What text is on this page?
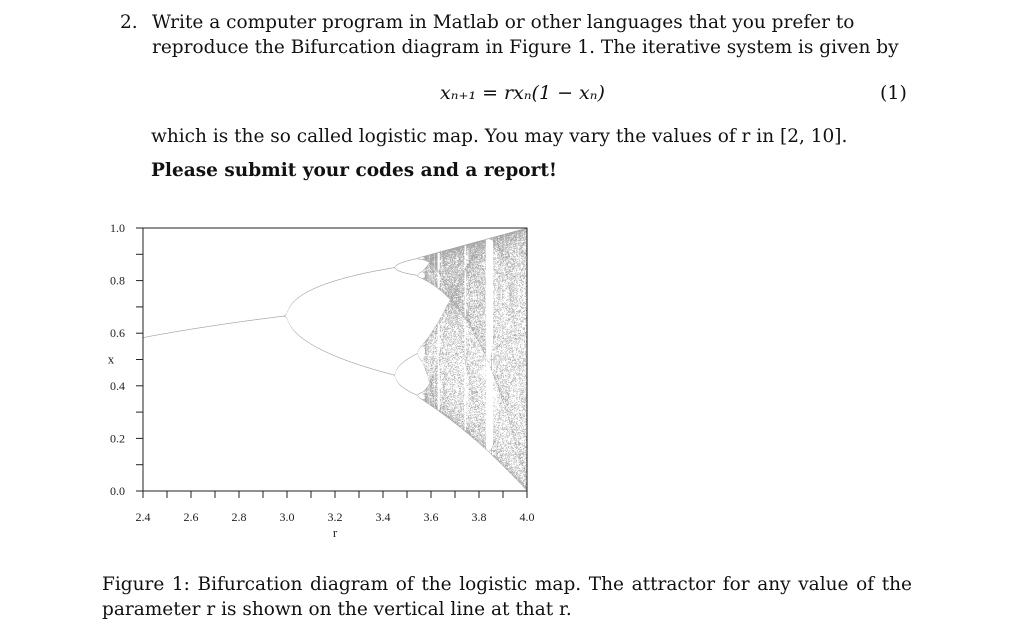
2. Write a computer program in Matlab or other languages that you prefer to reproduce the Bifurcation diagram in Figure 1. The iterative system is given by
xₙ₊₁ = rxₙ(1 − xₙ)	(1)
which is the so called logistic map. You may vary the values of r in [2, 10].
Please submit your codes and a report!
2.4	2.6	2.8	3.0	3.2	3.4	3.6	3.8	4.0
1.0
0.8
0.6
0.4
0.2
0.0
r
x
Figure 1: Bifurcation diagram of the logistic map. The attractor for any value of the parameter r is shown on the vertical line at that r.
